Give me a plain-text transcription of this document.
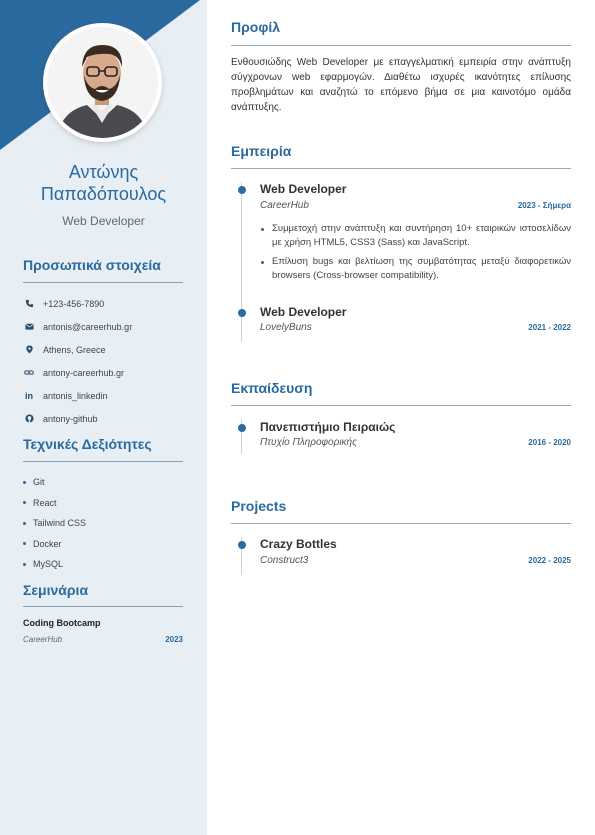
Αντώνης
Παπαδόπουλος
Web Developer
Προσωπικά στοιχεία
+123-456-7890
antonis@careerhub.gr
Athens, Greece
antony-careerhub.gr
in antonis_linkedin
antony-github
Τεχνικές Δεξιότητες
Git
React
Tailwind CSS
Docker
MySQL
Σεμινάρια
Coding Bootcamp
CareerHub	2023
Προφίλ

Ενθουσιώδης Web Developer με επαγγελματική εμπειρία στην ανάπτυξη σύγχρονων web εφαρμογών. Διαθέτω ισχυρές ικανότητες επίλυσης προβλημάτων και αναζητώ το επόμενο βήμα σε μια καινοτόμο ομάδα ανάπτυξης.

Εμπειρία
Web Developer
CareerHub	2023 - Σήμερα
Συμμετοχή στην ανάπτυξη και συντήρηση 10+ εταιρικών ιστοσελίδων με χρήση HTML5, CSS3 (Sass) και JavaScript.
Επίλυση bugs και βελτίωση της συμβατότητας μεταξύ διαφορετικών browsers (Cross-browser compatibility).
Web Developer
LovelyBuns	2021 - 2022
Εκπαίδευση
Πανεπιστήμιο Πειραιώς
Πτυχίο Πληροφορικής	2016 - 2020
Projects
Crazy Bottles
Construct3	2022 - 2025
